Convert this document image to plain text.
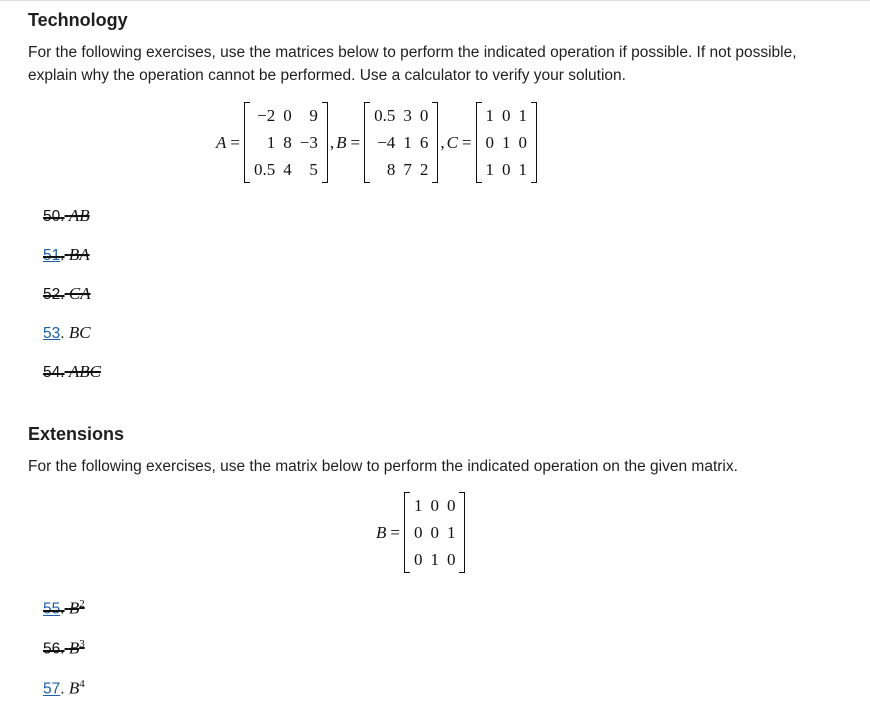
Technology

For the following exercises, use the matrices below to perform the indicated operation if possible. If not possible, explain why the operation cannot be performed. Use a calculator to verify your solution.

A =
−2	0	9
1	8	−3
0.5	4	5
, B =
0.5	3	0
−4	1	6
8	7	2
, C =
1	0	1
0	1	0
1	0	1
50. AB
51. BA
52. CA
53. BC
54. ABC
Extensions

For the following exercises, use the matrix below to perform the indicated operation on the given matrix.

B =
1	0	0
0	0	1
0	1	0
55. $B^2$
56. $B^3$
57. $B^4$
